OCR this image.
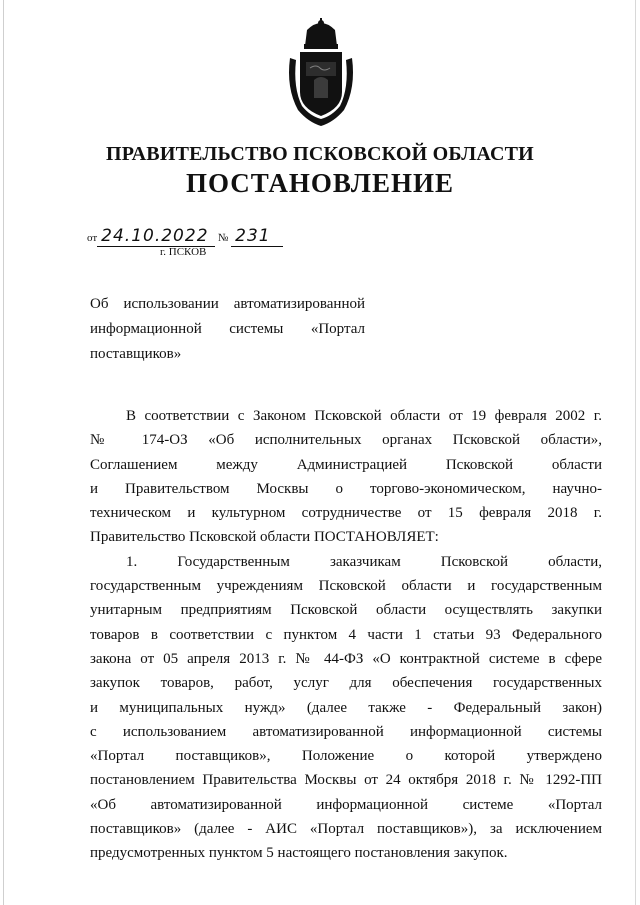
ПРАВИТЕЛЬСТВО ПСКОВСКОЙ ОБЛАСТИ
ПОСТАНОВЛЕНИЕ
от 24.10.2022 № 231
г. ПСКОВ
Об использовании автоматизированной
информационной системы «Портал
поставщиков»
В соответствии с Законом Псковской области от 19 февраля 2002 г.
№ 174-ОЗ «Об исполнительных органах Псковской области»,
Соглашением между Администрацией Псковской области
и Правительством Москвы о торгово-экономическом, научно-
техническом и культурном сотрудничестве от 15 февраля 2018 г.
Правительство Псковской области ПОСТАНОВЛЯЕТ:
1. Государственным заказчикам Псковской области,
государственным учреждениям Псковской области и государственным
унитарным предприятиям Псковской области осуществлять закупки
товаров в соответствии с пунктом 4 части 1 статьи 93 Федерального
закона от 05 апреля 2013 г. № 44-ФЗ «О контрактной системе в сфере
закупок товаров, работ, услуг для обеспечения государственных
и муниципальных нужд» (далее также - Федеральный закон)
с использованием автоматизированной информационной системы
«Портал поставщиков», Положение о которой утверждено
постановлением Правительства Москвы от 24 октября 2018 г. № 1292-ПП
«Об автоматизированной информационной системе «Портал
поставщиков» (далее - АИС «Портал поставщиков»), за исключением
предусмотренных пунктом 5 настоящего постановления закупок.
